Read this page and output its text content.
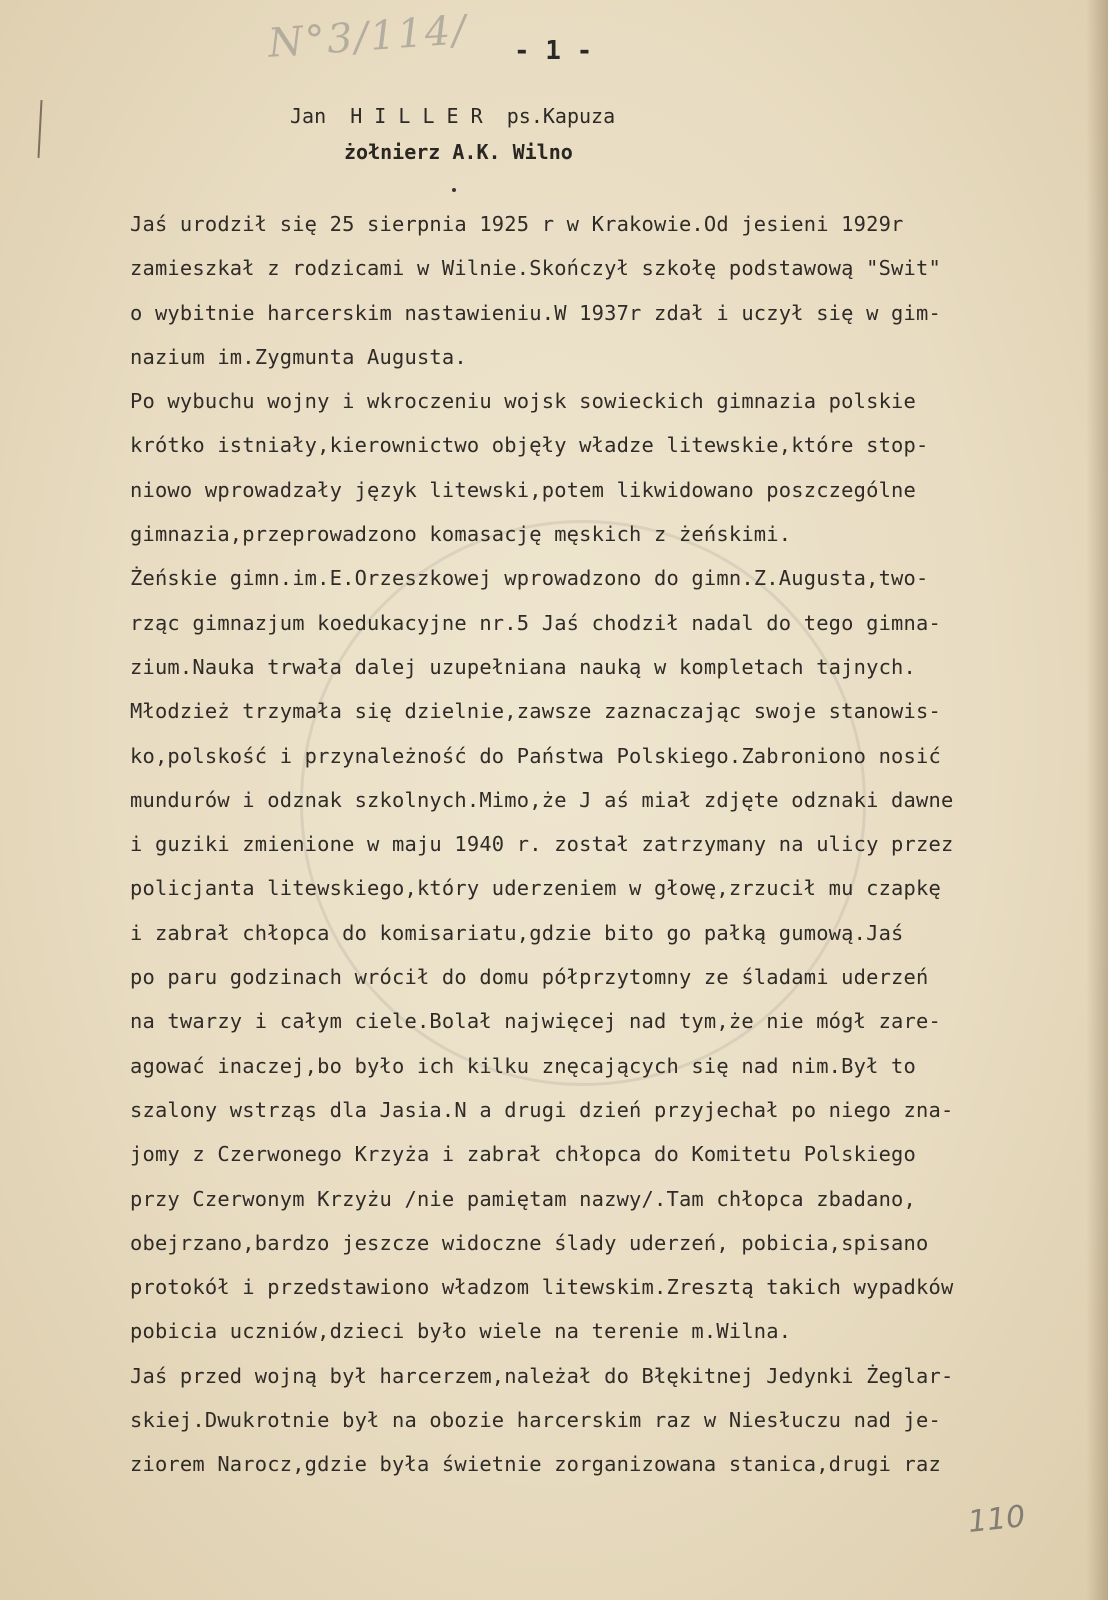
N°3/114/ - 1 -
Jan  H I L L E R  ps.Kapuza
żołnierz A.K. Wilno
Jaś urodził się 25 sierpnia 1925 r w Krakowie.Od jesieni 1929r
zamieszkał z rodzicami w Wilnie.Skończył szkołę podstawową "Swit"
o wybitnie harcerskim nastawieniu.W 1937r zdał i uczył się w gim-
nazium im.Zygmunta Augusta.
Po wybuchu wojny i wkroczeniu wojsk sowieckich gimnazia polskie
krótko istniały,kierownictwo objęły władze litewskie,które stop-
niowo wprowadzały język litewski,potem likwidowano poszczególne
gimnazia,przeprowadzono komasację męskich z żeńskimi.
Żeńskie gimn.im.E.Orzeszkowej wprowadzono do gimn.Z.Augusta,two-
rząc gimnazjum koedukacyjne nr.5 Jaś chodził nadal do tego gimna-
zium.Nauka trwała dalej uzupełniana nauką w kompletach tajnych.
Młodzież trzymała się dzielnie,zawsze zaznaczając swoje stanowis-
ko,polskość i przynależność do Państwa Polskiego.Zabroniono nosić
mundurów i odznak szkolnych.Mimo,że J aś miał zdjęte odznaki dawne
i guziki zmienione w maju 1940 r. został zatrzymany na ulicy przez
policjanta litewskiego,który uderzeniem w głowę,zrzucił mu czapkę
i zabrał chłopca do komisariatu,gdzie bito go pałką gumową.Jaś
po paru godzinach wrócił do domu półprzytomny ze śladami uderzeń
na twarzy i całym ciele.Bolał najwięcej nad tym,że nie mógł zare-
agować inaczej,bo było ich kilku znęcających się nad nim.Był to
szalony wstrząs dla Jasia.N a drugi dzień przyjechał po niego zna-
jomy z Czerwonego Krzyża i zabrał chłopca do Komitetu Polskiego
przy Czerwonym Krzyżu /nie pamiętam nazwy/.Tam chłopca zbadano,
obejrzano,bardzo jeszcze widoczne ślady uderzeń, pobicia,spisano
protokół i przedstawiono władzom litewskim.Zresztą takich wypadków
pobicia uczniów,dzieci było wiele na terenie m.Wilna.
Jaś przed wojną był harcerzem,należał do Błękitnej Jedynki Żeglar-
skiej.Dwukrotnie był na obozie harcerskim raz w Niesłuczu nad je-
ziorem Narocz,gdzie była świetnie zorganizowana stanica,drugi raz
110
